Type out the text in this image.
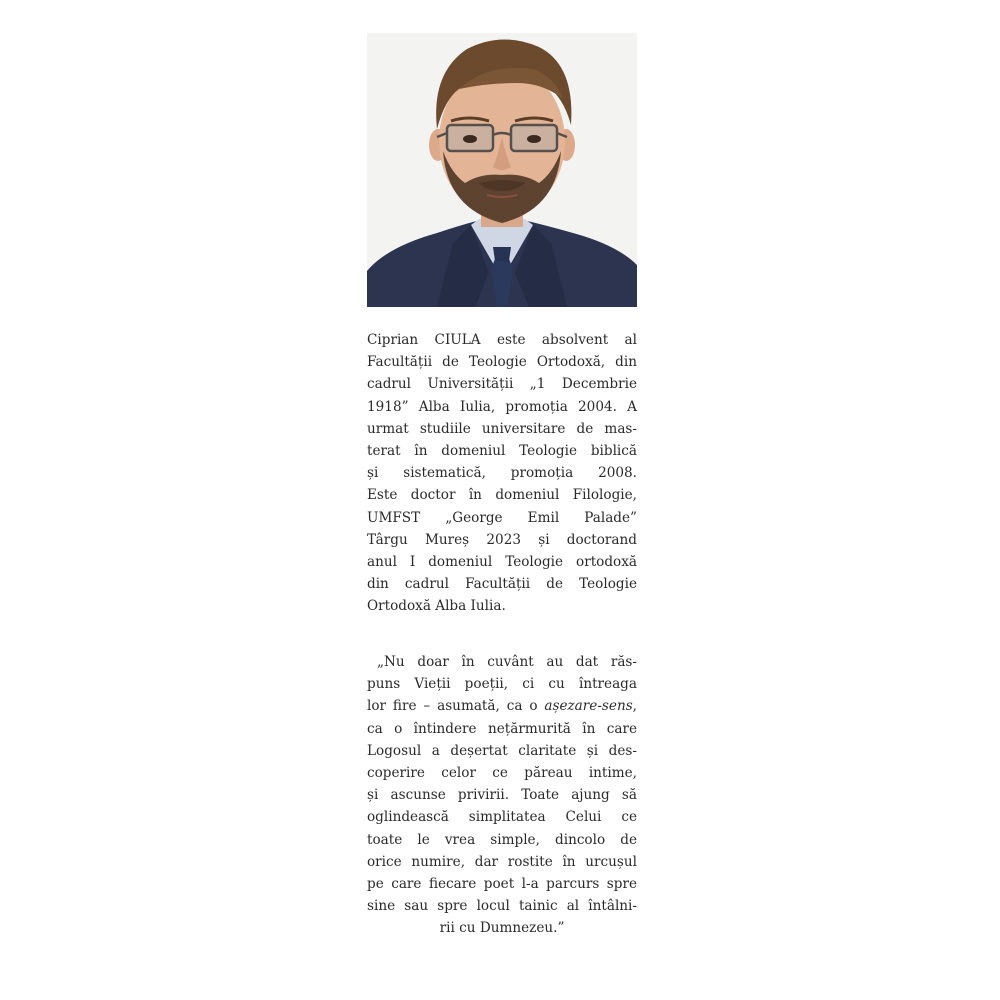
Ciprian CIULA este absolvent al
Facultății de Teologie Ortodoxă, din
cadrul Universității „1 Decembrie
1918” Alba Iulia, promoția 2004. A
urmat studiile universitare de mas-
terat în domeniul Teologie biblică
și sistematică, promoția 2008.
Este doctor în domeniul Filologie,
UMFST „George Emil Palade”
Târgu Mureș 2023 și doctorand
anul I domeniul Teologie ortodoxă
din cadrul Facultății de Teologie
Ortodoxă Alba Iulia.
„Nu doar în cuvânt au dat răs-
puns Vieții poeții, ci cu întreaga
lor fire – asumată, ca o așezare-sens,
ca o întindere nețărmurită în care
Logosul a deșertat claritate și des-
coperire celor ce păreau intime,
și ascunse privirii. Toate ajung să
oglindească simplitatea Celui ce
toate le vrea simple, dincolo de
orice numire, dar rostite în urcușul
pe care fiecare poet l-a parcurs spre
sine sau spre locul tainic al întâlni-
rii cu Dumnezeu.”
